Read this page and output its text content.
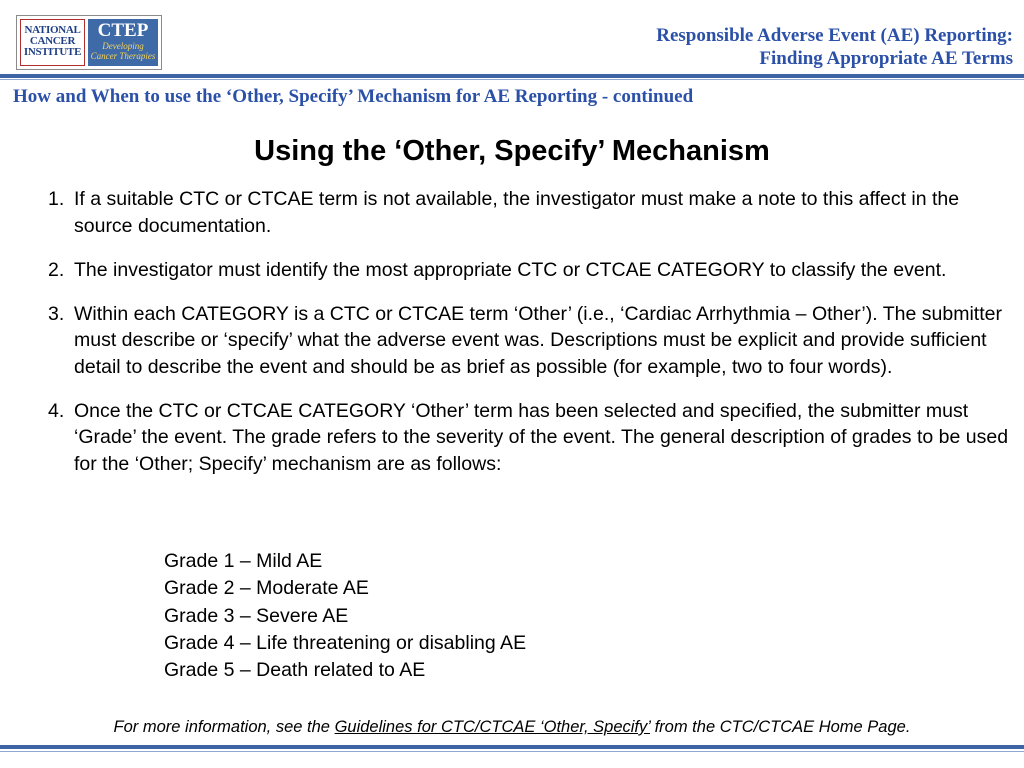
NATIONAL
CANCER
INSTITUTE
CTEP
Developing
Cancer Therapies
Responsible Adverse Event (AE) Reporting:
Finding Appropriate AE Terms
How and When to use the ‘Other, Specify’ Mechanism for AE Reporting - continued
Using the ‘Other, Specify’ Mechanism
1. If a suitable CTC or CTCAE term is not available, the investigator must make a note to this affect in the source documentation.
2. The investigator must identify the most appropriate CTC or CTCAE CATEGORY to classify the event.
3. Within each CATEGORY is a CTC or CTCAE term ‘Other’ (i.e., ‘Cardiac Arrhythmia – Other’). The submitter must describe or ‘specify’ what the adverse event was. Descriptions must be explicit and provide sufficient detail to describe the event and should be as brief as possible (for example, two to four words).
4. Once the CTC or CTCAE CATEGORY ‘Other’ term has been selected and specified, the submitter must ‘Grade’ the event. The grade refers to the severity of the event. The general description of grades to be used for the ‘Other; Specify’ mechanism are as follows:
Grade 1 – Mild AE
Grade 2 – Moderate AE
Grade 3 – Severe AE
Grade 4 – Life threatening or disabling AE
Grade 5 – Death related to AE
For more information, see the Guidelines for CTC/CTCAE ‘Other, Specify’ from the CTC/CTCAE Home Page.
